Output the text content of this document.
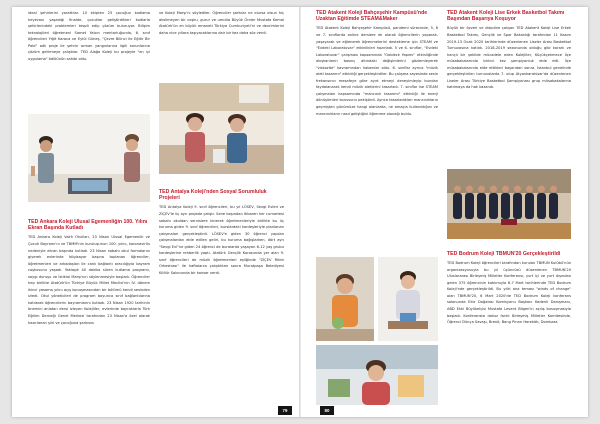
ideal şehirlerini yarattılar. 10 ekipten 25 çocuğun kodlama heyecanı yaşadığı finalde, çocuklar geliştirdikleri kodlarla şehirlerindeki problemleri tespit edip çözüm buluruyor. Bilişim teknolojileri öğretmeni Samet Yalcın mentorluğunda, 6. sınıf öğrencileri Yiğit Karaca ve Eylül Güneş, "Çevre Bilinci ile Eğitir Bir Pabl" adlı proje ile şehrin orman yangınlarına ilgili sorunlarına çözüm getirmeye çalıştılar. TED Alağa Koleji bu projeyle "en iyi uygulama" ödülünün sahibi oldu.

TED Ankara Koleji Ulusal Egemenliğin 100. Yılını Ekran Başında Kutladı

TED Ankara Koleji Vakfı Okulları, 23 Nisan Ulusal Egemenlik ve Çocuk Bayramı'nı ve TBMM'nin kuruluşunun 100. yılını, koronavirüs nedeniyle ekran başında kutladı. 23 Nisan sabahı okul formalarını giyerek evlerinde bilgisayar başına toplanan öğrenciler, öğretmenleri ve arkadaşları ile canlı bağlantı aracılığıyla bayram coşkusunu yaşadı. Yaklaşık 40 dakika süren kutlama programı, saygı duruşu ve İstiklal Marşı'nın söylenmesiyle başladı. Öğrenciler hep birlikte Atatürk'ün Türkiye Büyük Millet Meclisi'nin IV. dönem ikinci yasama yılını açış konuşmasından bir bölümü kendi sesinden izledi. Okul yöneticileri de program boyunca sınıf bağlantılarına katılarak öğrencilerin bayramlarını kutladı. 23 Nisan 1920 tarihinin önemini anlatan dersi izleyen Kolejliler, evlerinde bayraklarla Türk Eğitim Derneği Genel Merkezi tarafından 23 Nisan'a özel olarak hazırlanan şiiri ve çocuğuna şarkısını

ve Koleji Marşı'nı söylediler. Öğrenciler şarkılar ne olursa olsun hiç aksilmeyen bir coşku, gurur ve umutla Büyük Önder Mustafa Kemal Atatürk'ün en büyük emaneti Türkiye Cumhuriyeti'ni ve devrimlerini daha nice yıllara taşıyacaklarına dair bir kez daha söz verdi.

TED Antalya Koleji'nden Sosyal Sorumluluk Projeleri

TED Antalya Koleji 9. sınıf öğrencileri, bu yıl LÖSEV, Sevgi Evleri ve ZİÇEV'le üç ayrı projede çalıştı. Sene başından itibaren her cumartesi sabahı okuldan servislere binerek öğretmenleriyle birlikte bu üç kuruma giden 9. sınıf öğrencileri, burslardaki kardeşleriyle planlanan çalışmaları gerçekleştirdi. LÖSEV'e giden 30 öğrenci yapılan çalışmalardan elde edilen geliri, bu kuruma bağışlarken, dört ayrı "Sevgi Evi"ne giden 24 öğrenci de buralarda yaşayan 6-12 yaş grubu kardeşlerine rehberlik yaptı. Atatürk Gençlik Korosunda yer alan 9. sınıf öğrencileri de müzik öğretmenleri eşliğinde "ZİÇEV Ritim Orkestrası" ile haftalarca çalıştıktan sonra Muratpaşa Belediyesi Kültür Salonunda bir konser verdi.

TED Atakent Koleji Bahçeşehir Kampüsü'nde Uzaktan Eğitimde STEAM&Maker

TED Atakent Koleji Bahçeşehir Kampüsü, pandemi sürecinde, 5, 6 ve 7. sınıflarda online derslere ek olarak öğrencilerin yaparak-yaşayarak ve eğlenerek öğrenmelerini destekleme için STEAM ve "Evdeki Laboratuvar" etkinlikleri hazırladı. 5 ve 6. sınıflar, "Evdeki Laboratuvar" çalışması kapsamında "Oobleck Yapımı" etkinliğinde akışkanların basınç altındaki değişimlerini gözlemleyerek "viskozite" kavramından haberdar oldu. 6. sınıflar ayrıca "müzik aleti tasarımı" etkinliği gerçekleştirdiler. Bu çalışma sayesinde sesin frekansının mesafeye göre ayırt etmeyi deneyimleyip bundan faydalanarak kendi müzik aletlerini tasarladı. 7. sınıflar ise STEAM çalışmaları kapsamında "mancınık tasarımı" etkinliği ile enerji dönüşümleri konusunu pekiştirdi. Ayrıca tasarladıkları mancınıkların geçmişten günümüze hangi alanlarda, ne amaçla kullanıldığını ve mancınıkların nasıl geliştiğini öğrenme olanağı buldu.

TED Atakent Koleji Lise Erkek Basketbol Takımı Başından Başarıya Koşuyor

Büyük bir özveri ve disipline çalışan TED Atakent Koleji Lise Erkek Basketbol Takımı, Gençlik ve Spor Bakanlığı tarafından 11 Kasım 2019-13 Ocak 2020 tarihlerinde düzenlenen Liseler Arası Basketbol Turnuvasına katıldı. 2018-2019 sezonunda olduğu gibi kararlı ve hançlı bir şekilde mücadele eden Kolejliler, Küçükçekmece İlçe müsabakalarında birinci kez şampiyonluk elde etti. İlçe müsabakalarında elde ettikleri başarıdan sonra, İstanbul genelinde gerçekleştirilen turnuvalarda 7. olup Atyonkarahisar'da düzenlenen Liseler Arası Türkiye Basketbol Şampiyonası grup müsabakalarına katılmaya da hak kazandı.

TED Bodrum Koleji TBMUN'20 Gerçekleştirildi

TED Bodrum Koleji öğrencileri tarafından kurulan TBMUN Kulübü'nün organizasyonuyla bu yıl üçüncüsü düzenlenen TBMUN'20 Uluslararası Birleşmiş Milletler Konferansı, yurt içi ve yurt dışından gelen 375 öğrencinin katılımıyla 6-7 Mart tarihlerinde TED Bodrum Koleji'nde gerçekleştirildi. Bu yılki ana teması "winds of change" olan TBMUN'20, 6 Mart 2020'de TED Bodrum Koleji konferans salonunda Ekiz Doğalası Komisyonu Başkanı Kedenli Danışmanı, ABD Ekki Büyükelçisi Mustafa Levent Bilgen'in açılış konuşmasıyla başladı. Konferansta dokuz farklı Birleşmiş Milletler Komitesinde, Öğrenci Dünya Savaşı, Brexit, Bang Pınarı Harekâtı, Dombass

79	80
